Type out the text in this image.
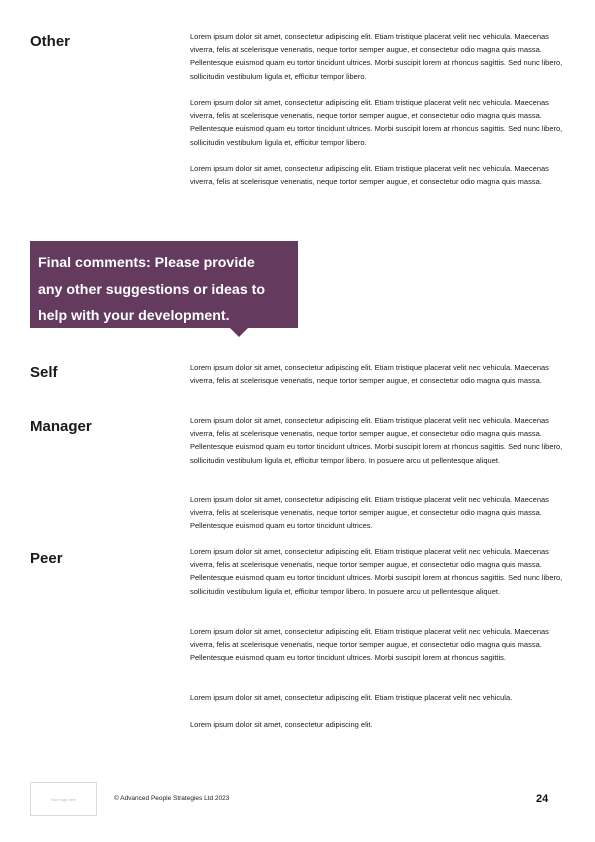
Other	Lorem ipsum dolor sit amet, consectetur adipiscing elit. Etiam tristique placerat velit nec vehicula. Maecenas viverra, felis at scelerisque venenatis, neque tortor semper augue, et consectetur odio magna quis massa. Pellentesque euismod quam eu tortor tincidunt ultrices. Morbi suscipit lorem at rhoncus sagittis. Sed nunc libero, sollicitudin vestibulum ligula et, efficitur tempor libero.

Lorem ipsum dolor sit amet, consectetur adipiscing elit. Etiam tristique placerat velit nec vehicula. Maecenas viverra, felis at scelerisque venenatis, neque tortor semper augue, et consectetur odio magna quis massa. Pellentesque euismod quam eu tortor tincidunt ultrices. Morbi suscipit lorem at rhoncus sagittis. Sed nunc libero, sollicitudin vestibulum ligula et, efficitur tempor libero.

Lorem ipsum dolor sit amet, consectetur adipiscing elit. Etiam tristique placerat velit nec vehicula. Maecenas viverra, felis at scelerisque venenatis, neque tortor semper augue, et consectetur odio magna quis massa.

Final comments: Please provide

any other suggestions or ideas to

help with your development.

Self	Lorem ipsum dolor sit amet, consectetur adipiscing elit. Etiam tristique placerat velit nec vehicula. Maecenas viverra, felis at scelerisque venenatis, neque tortor semper augue, et consectetur odio magna quis massa.

Manager	Lorem ipsum dolor sit amet, consectetur adipiscing elit. Etiam tristique placerat velit nec vehicula. Maecenas viverra, felis at scelerisque venenatis, neque tortor semper augue, et consectetur odio magna quis massa. Pellentesque euismod quam eu tortor tincidunt ultrices. Morbi suscipit lorem at rhoncus sagittis. Sed nunc libero, sollicitudin vestibulum ligula et, efficitur tempor libero. In posuere arcu ut pellentesque aliquet.

Lorem ipsum dolor sit amet, consectetur adipiscing elit. Etiam tristique placerat velit nec vehicula. Maecenas viverra, felis at scelerisque venenatis, neque tortor semper augue, et consectetur odio magna quis massa. Pellentesque euismod quam eu tortor tincidunt ultrices.

Peer	Lorem ipsum dolor sit amet, consectetur adipiscing elit. Etiam tristique placerat velit nec vehicula. Maecenas viverra, felis at scelerisque venenatis, neque tortor semper augue, et consectetur odio magna quis massa. Pellentesque euismod quam eu tortor tincidunt ultrices. Morbi suscipit lorem at rhoncus sagittis. Sed nunc libero, sollicitudin vestibulum ligula et, efficitur tempor libero. In posuere arcu ut pellentesque aliquet.

Lorem ipsum dolor sit amet, consectetur adipiscing elit. Etiam tristique placerat velit nec vehicula. Maecenas viverra, felis at scelerisque venenatis, neque tortor semper augue, et consectetur odio magna quis massa. Pellentesque euismod quam eu tortor tincidunt ultrices. Morbi suscipit lorem at rhoncus sagittis.

Lorem ipsum dolor sit amet, consectetur adipiscing elit. Etiam tristique placerat velit nec vehicula.

Lorem ipsum dolor sit amet, consectetur adipiscing elit.

Your logo here	© Advanced People Strategies Ltd 2023	24
